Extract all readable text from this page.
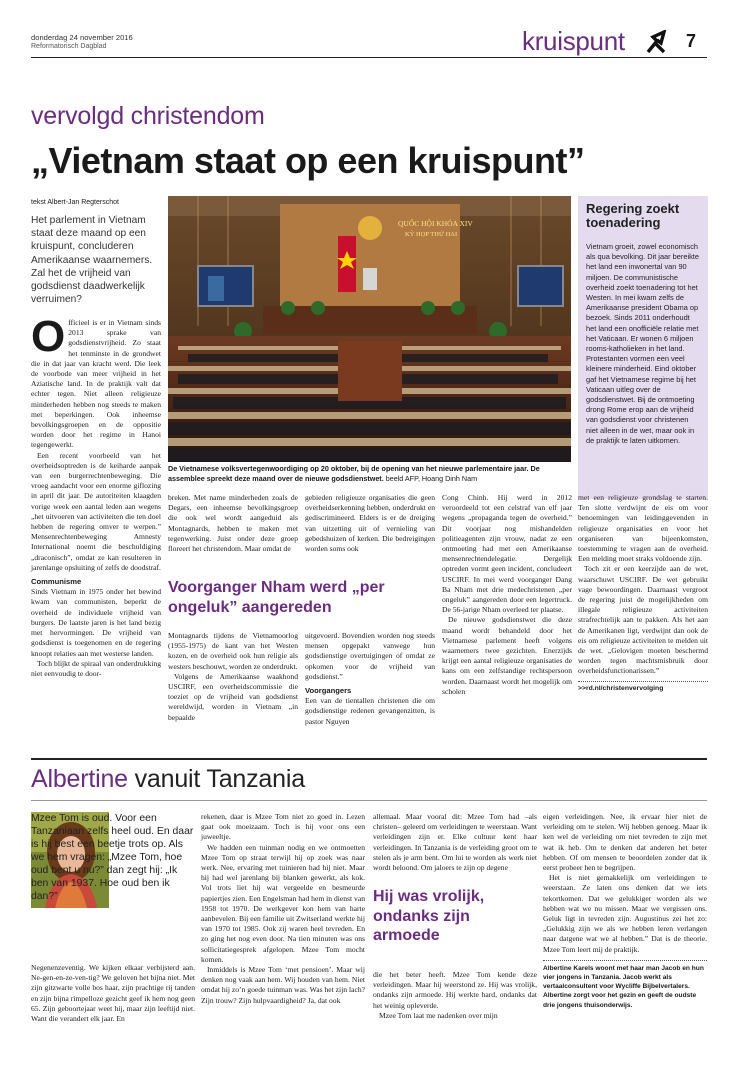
donderdag 24 november 2016
Reformatorisch Dagblad	kruispunt	7
vervolgd christendom
„Vietnam staat op een kruispunt”
tekst Albert-Jan Regterschot
Het parlement in Vietnam staat deze maand op een kruispunt, concluderen Amerikaanse waarnemers. Zal het de vrijheid van godsdienst daadwerkelijk verruimen?

Officieel is er in Vietnam sinds 2013 sprake van godsdienstvrijheid. Zo staat het tenminste in de grondwet die in dat jaar van kracht werd. Die leek de voorbode van meer vrijheid in het Aziatische land. In de praktijk valt dat echter tegen. Niet alleen religieuze minderheden hebben nog steeds te maken met beperkingen. Ook inheemse bevolkingsgroepen en de oppositie worden door het regime in Hanoi tegengewerkt.

Een recent voorbeeld van het overheidsoptreden is de keiharde aanpak van een burgerrechtenbeweging. Die vroeg aandacht voor een enorme giflozing in april dit jaar. De autoriteiten klaagden vorige week een aantal leden aan wegens „het uitvoeren van activiteiten die ten doel hebben de regering omver te werpen.” Mensenrechtenbeweging Amnesty International noemt die beschuldiging „draconisch”, omdat ze kan resulteren in jarenlange opsluiting of zelfs de doodstraf.

Communisme

Sinds Vietnam in 1975 onder het bewind kwam van communisten, beperkt de overheid de individuele vrijheid van burgers. De laatste jaren is het land bezig met hervormingen. De vrijheid van godsdienst is toegenomen en de regering knoopt relaties aan met westerse landen.

Toch blijkt de spiraal van onderdrukking niet eenvoudig te door-

QUỐC HỘI KHÓA XIV
KỲ HỌP THỨ HAI
De Vietnamese volksvertegenwoordiging op 20 oktober, bij de opening van het nieuwe parlementaire jaar. De assemblee spreekt deze maand over de nieuwe godsdienstwet. beeld AFP, Hoang Dinh Nam
Regering zoekt toenadering
Vietnam groeit, zowel economisch als qua bevolking. Dit jaar bereikte het land een inwonertal van 90 miljoen. De communistische overheid zoekt toenadering tot het Westen. In mei kwam zelfs de Amerikaanse president Obama op bezoek. Sinds 2011 onderhoudt het land een onofficiële relatie met het Vaticaan. Er wonen 6 miljoen rooms-katholieken in het land. Protestanten vormen een veel kleinere minderheid. Eind oktober gaf het Vietnamese regime bij het Vaticaan uitleg over de godsdienstwet. Bij de ontmoeting drong Rome erop aan de vrijheid van godsdienst voor christenen niet alleen in de wet, maar ook in de praktijk te laten uitkomen.
breken. Met name minderheden zoals de Degars, een inheemse bevolkingsgroep die ook wel wordt aangeduid als Montagnards, hebben te maken met tegenwerking. Juist onder deze groep floreert het christendom. Maar omdat de
gebieden religieuze organisaties die geen overheidserkenning hebben, onderdrukt en gediscrimineerd. Elders is er de dreiging van uitzetting uit of vernieling van gebedshuizen of kerken. Die bedreigingen worden soms ook
Voorganger Nham werd „per ongeluk” aangereden

Montagnards tijdens de Vietnamoorlog (1955-1975) de kant van het Westen kozen, en de overheid ook hun religie als westers beschouwt, worden ze onderdrukt.

Volgens de Amerikaanse waakhond USCIRF, een overheidscommissie die toeziet op de vrijheid van godsdienst wereldwijd, worden in Vietnam „in bepaalde

uitgevoerd. Bovendien worden nog steeds mensen opgepakt vanwege hun godsdienstige overtuigingen of omdat ze opkomen voor de vrijheid van godsdienst.”

Voorgangers

Een van de tientallen christenen die om godsdienstige redenen gevangenzitten, is pastor Nguyen

Cong Chinh. Hij werd in 2012 veroordeeld tot een celstraf van elf jaar wegens „propaganda tegen de overheid.” Dit voorjaar nog mishandelden politieagenten zijn vrouw, nadat ze een ontmoeting had met een Amerikaanse mensenrechtendelegatie. Dergelijk optreden vormt geen incident, concludeert USCIRF. In mei werd voorganger Dang Ba Nham met drie medechristenen „per ongeluk” aangereden door een legertruck. De 56-jarige Nham overleed ter plaatse.

De nieuwe godsdienstwet die deze maand wordt behandeld door het Vietnamese parlement heeft volgens waarnemers twee gezichten. Enerzijds krijgt een aantal religieuze organisaties de kans om een zelfstandige rechtspersoon worden. Daarnaast wordt het mogelijk om scholen

met een religieuze grondslag te starten. Ten slotte verdwijnt de eis om voor benoemingen van leidinggevenden in religieuze organisaties en voor het organiseren van bijeenkomsten, toestemming te vragen aan de overheid. Een melding moet straks voldoende zijn.

Toch zit er een keerzijde aan de wet, waarschuwt USCIRF. De wet gebruikt vage bewoordingen. Daarnaast vergroot de regering juist de mogelijkheden om illegale religieuze activiteiten strafrechtelijk aan te pakken. Als het aan de Amerikanen ligt, verdwijnt dan ook de eis om religieuze activiteiten te melden uit de wet. „Gelovigen moeten beschermd worden tegen machtsmisbruik door overheidsfunctionarissen.”

>>rd.nl/christenvervolging
Albertine vanuit Tanzania
Mzee Tom is oud. Voor een Tanzaniaan zelfs heel oud. En daar is hij best een beetje trots op. Als we hem vragen: „Mzee Tom, hoe oud bent u nu?” dan zegt hij: „Ik ben van 1937. Hoe oud ben ik dan?”
Negenenzeventig. We kijken elkaar verbijsterd aan. Ne-gen-en-ze-ven-tig? We geloven het bijna niet. Met zijn gitzwarte volle bos haar, zijn prachtige rij tanden en zijn bijna rimpelloze gezicht geef ik hem nog geen 65. Zijn geboortejaar weet hij, maar zijn leeftijd niet. Want die verandert elk jaar. En

rekenen, daar is Mzee Tom niet zo goed in. Lezen gaat ook moeizaam. Toch is hij voor ons een juweeltje.

We hadden een tuinman nodig en we ontmoetten Mzee Tom op straat terwijl hij op zoek was naar werk. Nee, ervaring met tuinieren had hij niet. Maar hij had wel jarenlang bij blanken gewerkt, als kok. Vol trots liet hij wat vergeelde en besmeurde papiertjes zien. Een Engelsman had hem in dienst van 1958 tot 1970. De werkgever kon hem van harte aanbevelen. Bij een familie uit Zwitserland werkte hij van 1970 tot 1985. Ook zij waren heel tevreden. En zo ging het nog even door. Na tien minuten was ons sollicitatiegesprek afgelopen. Mzee Tom mocht komen.

Inmiddels is Mzee Tom ‘met pensioen’. Maar wij denken nog vaak aan hem. Wij houden van hem. Niet omdat hij zo’n goede tuinman was. Was het zijn lach? Zijn trouw? Zijn hulpvaardigheid? Ja, dat ook

allemaal. Maar vooral dit: Mzee Tom had –als christen– geleerd om verleidingen te weerstaan. Want verleidingen zijn er. Elke cultuur kent haar verleidingen. In Tanzania is de verleiding groot om te stelen als je arm bent. Om lui te worden als werk niet wordt beloond. Om jaloers te zijn op degene
Hij was vrolijk, ondanks zijn armoede

die het beter heeft. Mzee Tom kende deze verleidingen. Maar hij weerstond ze. Hij was vrolijk, ondanks zijn armoede. Hij werkte hard, ondanks dat het weinig opleverde.

Mzee Tom laat me nadenken over mijn

eigen verleidingen. Nee, ik ervaar hier niet de verleiding om te stelen. Wij hebben genoeg. Maar ik ken wel de verleiding om niet tevreden te zijn met wat ik heb. Om te denken dat anderen het beter hebben. Of om mensen te beoordelen zonder dat ik eerst probeer hen te begrijpen.

Het is niet gemakkelijk om verleidingen te weerstaan. Ze laten ons denken dat we iets tekortkomen. Dat we gelukkiger worden als we hebben wat we nu missen. Maar we vergissen ons. Geluk ligt in tevreden zijn. Augustinus zei het zo: „Gelukkig zijn we als we hebben leren verlangen naar datgene wat we al hebben.” Dat is de theorie. Mzee Tom leert mij de praktijk.

Albertine Karels woont met haar man Jacob en hun vier jongens in Tanzania. Jacob werkt als vertaalconsultent voor Wycliffe Bijbelvertalers. Albertine zorgt voor het gezin en geeft de oudste drie jongens thuisonderwijs.
